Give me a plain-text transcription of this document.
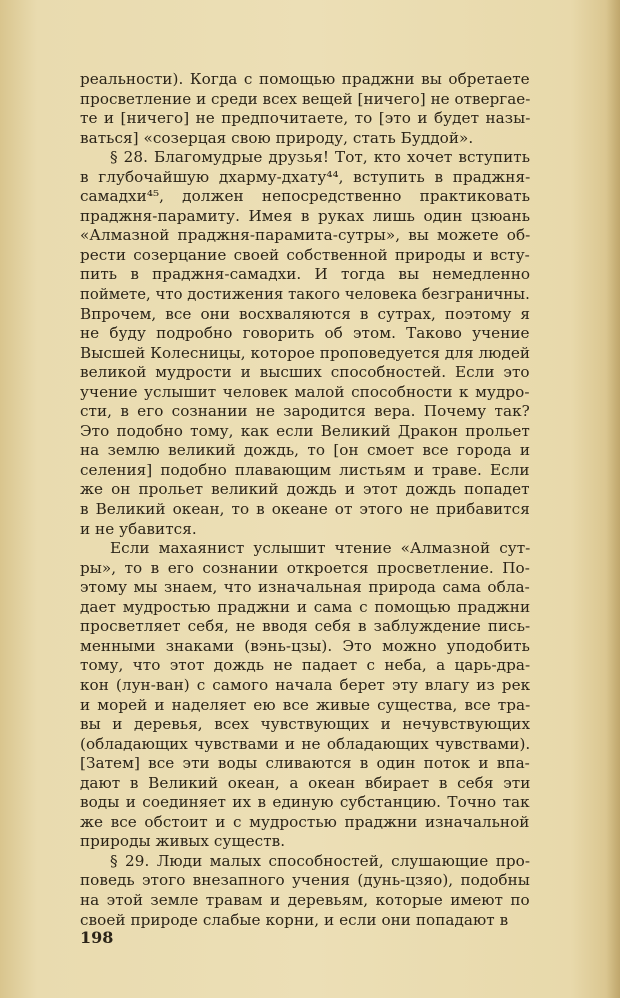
реальности). Когда с помощью праджни вы обретаете
просветление и среди всех вещей [ничего] не отвергае-
те и [ничего] не предпочитаете, то [это и будет назы-
ваться] «созерцая свою природу, стать Буддой».
§ 28. Благомудрые друзья! Тот, кто хочет вступить
в глубочайшую дхарму-дхату⁴⁴, вступить в праджня-
самадхи⁴⁵, должен непосредственно практиковать
праджня-парамиту. Имея в руках лишь один цзюань
«Алмазной праджня-парамита-сутры», вы можете об-
рести созерцание своей собственной природы и всту-
пить в праджня-самадхи. И тогда вы немедленно
поймете, что достижения такого человека безграничны.
Впрочем, все они восхваляются в сутрах, поэтому я
не буду подробно говорить об этом. Таково учение
Высшей Колесницы, которое проповедуется для людей
великой мудрости и высших способностей. Если это
учение услышит человек малой способности к мудро-
сти, в его сознании не зародится вера. Почему так?
Это подобно тому, как если Великий Дракон прольет
на землю великий дождь, то [он смоет все города и
селения] подобно плавающим листьям и траве. Если
же он прольет великий дождь и этот дождь попадет
в Великий океан, то в океане от этого не прибавится
и не убавится.
Если махаянист услышит чтение «Алмазной сут-
ры», то в его сознании откроется просветление. По-
этому мы знаем, что изначальная природа сама обла-
дает мудростью праджни и сама с помощью праджни
просветляет себя, не вводя себя в заблуждение пись-
менными знаками (вэнь-цзы). Это можно уподобить
тому, что этот дождь не падает с неба, а царь-дра-
кон (лун-ван) с самого начала берет эту влагу из рек
и морей и наделяет ею все живые существа, все тра-
вы и деревья, всех чувствующих и нечувствующих
(обладающих чувствами и не обладающих чувствами).
[Затем] все эти воды сливаются в один поток и впа-
дают в Великий океан, а океан вбирает в себя эти
воды и соединяет их в единую субстанцию. Точно так
же все обстоит и с мудростью праджни изначальной
природы живых существ.
§ 29. Люди малых способностей, слушающие про-
поведь этого внезапного учения (дунь-цзяо), подобны
на этой земле травам и деревьям, которые имеют по
своей природе слабые корни, и если они попадают в
198
